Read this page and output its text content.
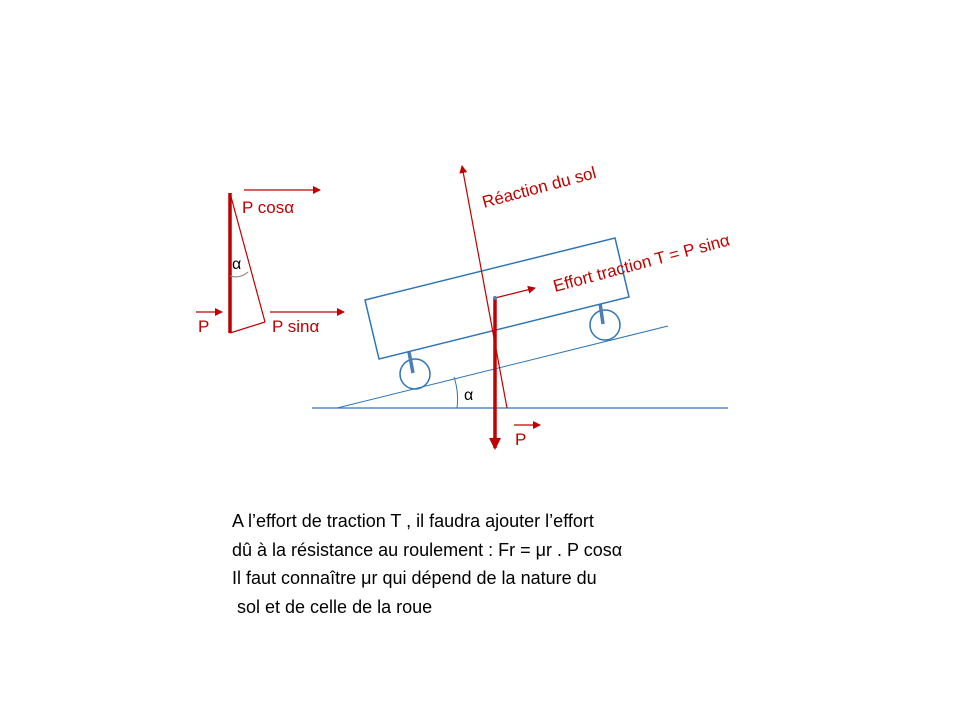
P cosα
α
P	P sinα
α
Réaction du sol
Effort traction T = P sinα
P
A l’effort de traction T , il faudra ajouter l’effort
dû à la résistance au roulement : Fr = μr . P cosα
Il faut connaître μr qui dépend de la nature du
sol et de celle de la roue
